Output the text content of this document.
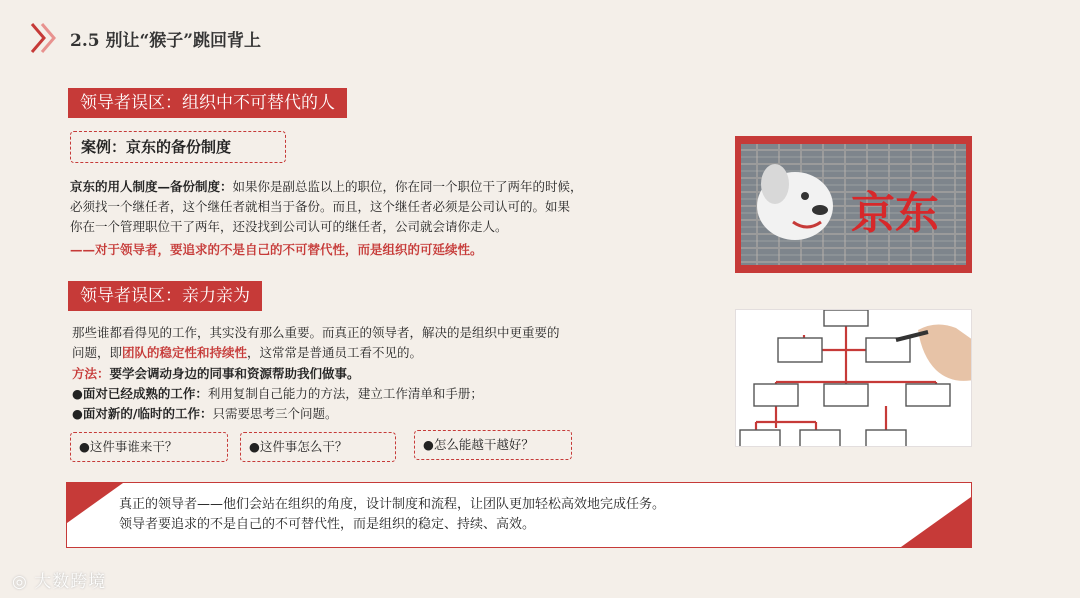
2.5 别让“猴子”跳回背上
领导者误区：组织中不可替代的人
案例：京东的备份制度
京东的用人制度—备份制度：如果你是副总监以上的职位，你在同一个职位干了两年的时候，
必须找一个继任者，这个继任者就相当于备份。而且，这个继任者必须是公司认可的。如果
你在一个管理职位干了两年，还没找到公司认可的继任者，公司就会请你走人。
——对于领导者，要追求的不是自己的不可替代性，而是组织的可延续性。
京东
领导者误区：亲力亲为
那些谁都看得见的工作，其实没有那么重要。而真正的领导者，解决的是组织中更重要的
问题，即团队的稳定性和持续性，这常常是普通员工看不见的。
方法：要学会调动身边的同事和资源帮助我们做事。
●面对已经成熟的工作：利用复制自己能力的方法，建立工作清单和手册；
●面对新的/临时的工作：只需要思考三个问题。
●这件事谁来干？	●这件事怎么干？	●怎么能越干越好？
真正的领导者——他们会站在组织的角度，设计制度和流程，让团队更加轻松高效地完成任务。
领导者要追求的不是自己的不可替代性，而是组织的稳定、持续、高效。
◎ 大数跨境
